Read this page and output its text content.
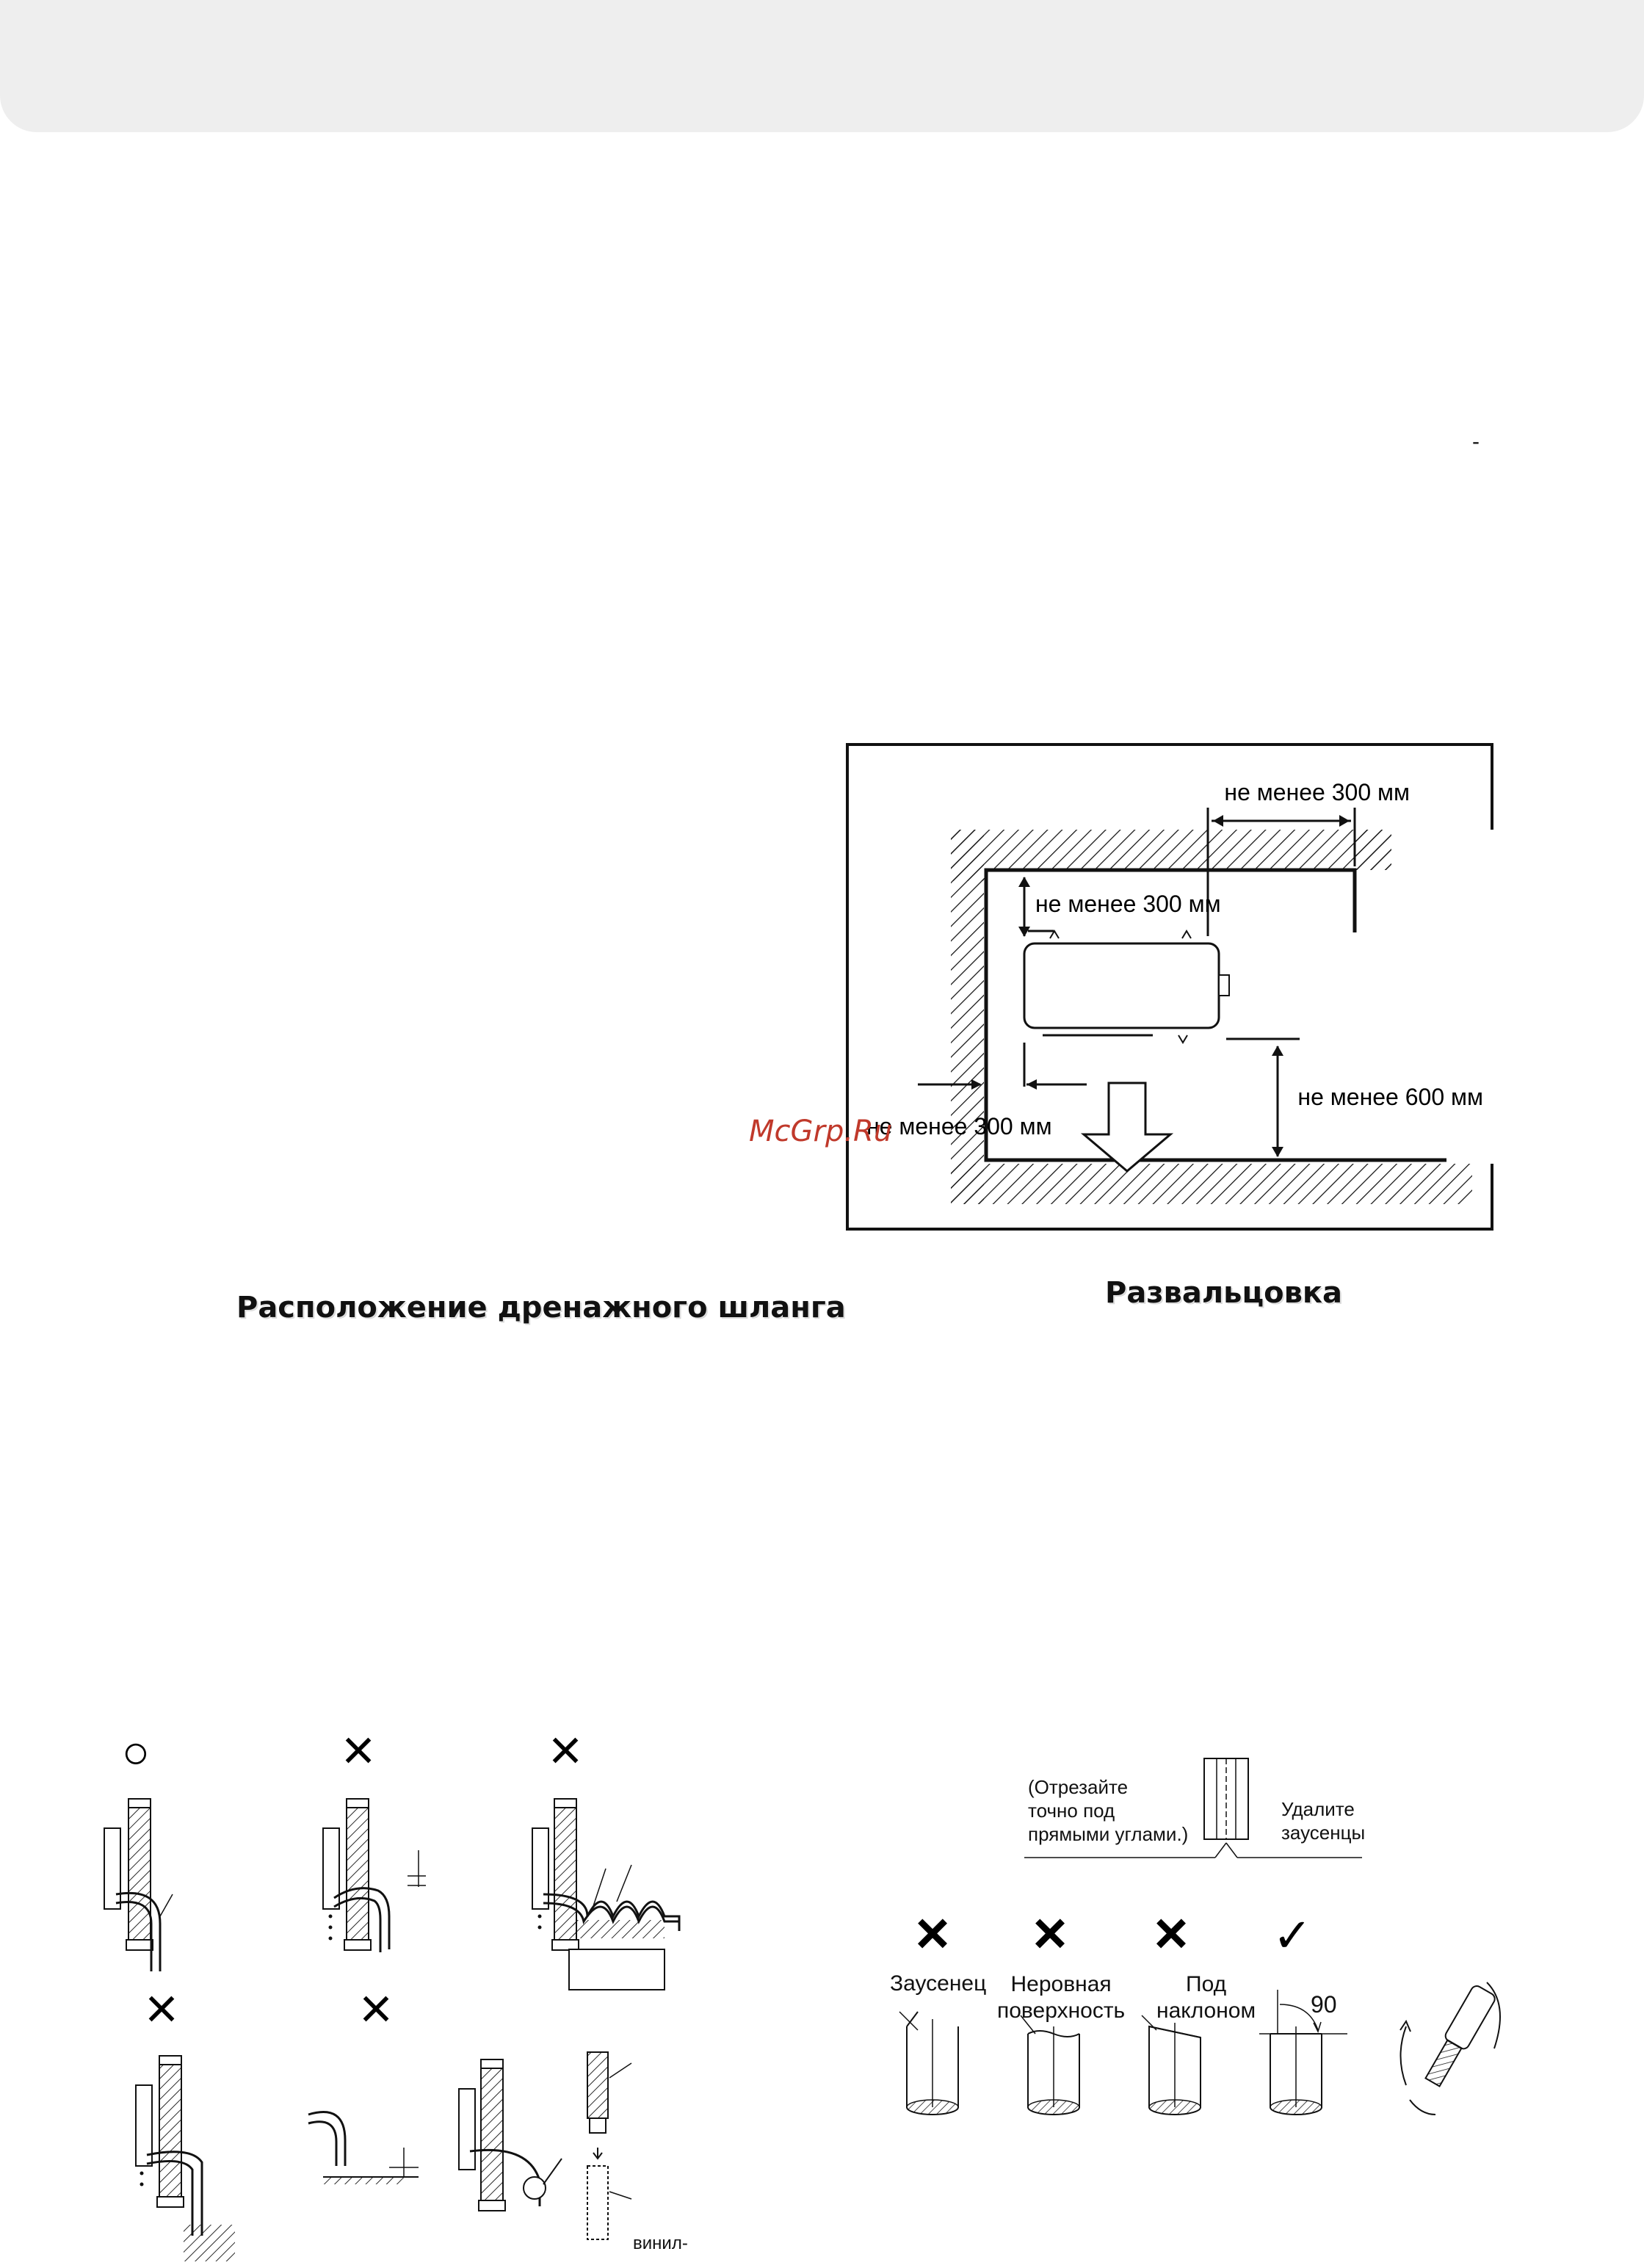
-
не менее 300 мм
не менее 300 мм
не менее 300 мм
не менее 600 мм
McGrp.Ru
Расположение дренажного шланга	Развальцовка
○	×	×
×	×
винил-
× × × ✓
(Отрезайте
точно под
прямыми углами.)
Удалите
заусенцы
Заусенец	Неровная
поверхность
Под
наклоном 90
